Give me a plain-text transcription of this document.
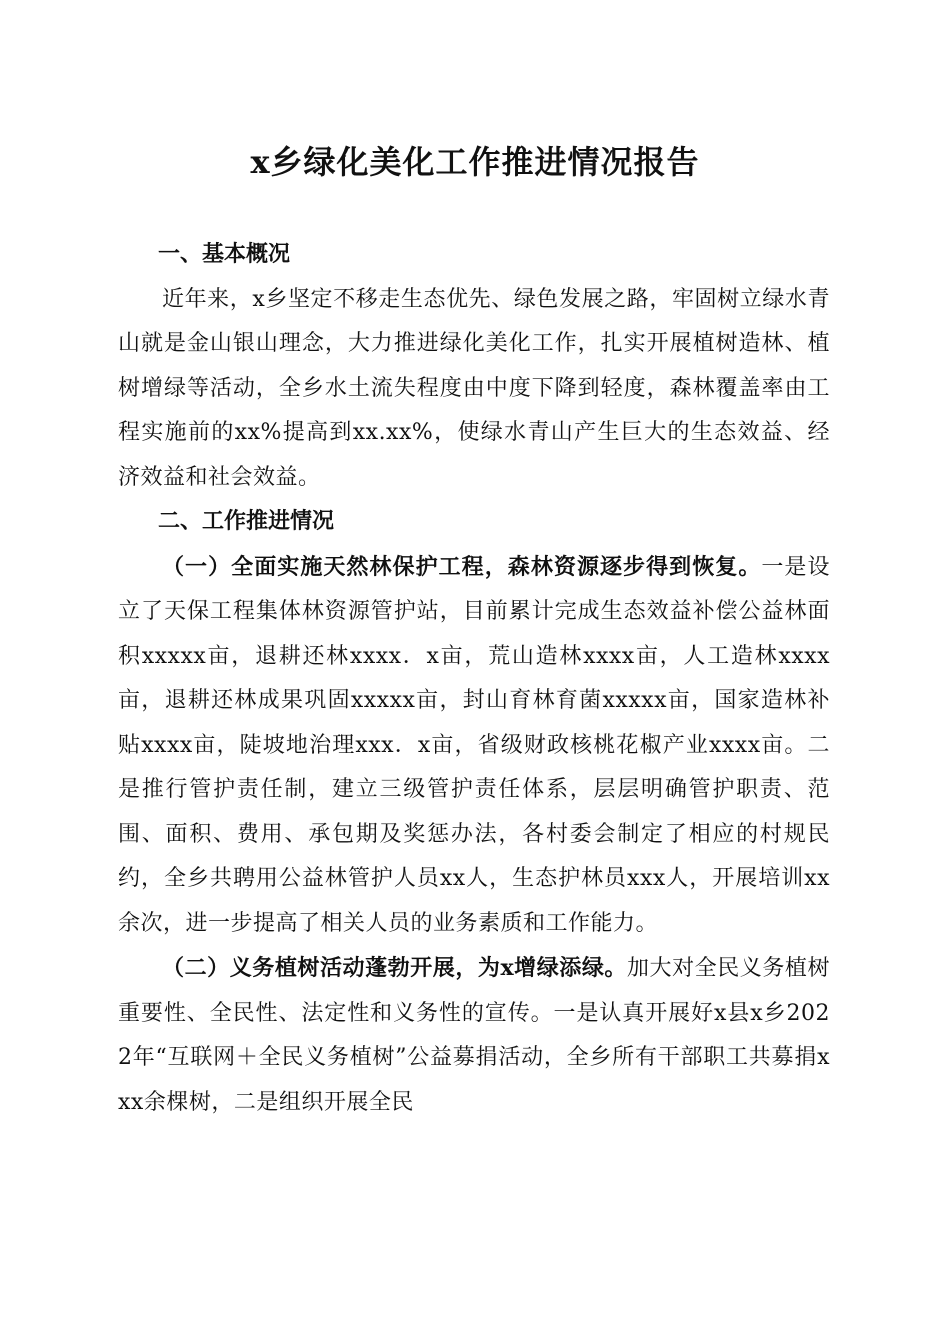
x乡绿化美化工作推进情况报告
一、基本概况

近年来，x乡坚定不移走生态优先、绿色发展之路，牢固树立绿水青山就是金山银山理念，大力推进绿化美化工作，扎实开展植树造林、植树增绿等活动，全乡水土流失程度由中度下降到轻度，森林覆盖率由工程实施前的xx%提高到xx.xx%，使绿水青山产生巨大的生态效益、经济效益和社会效益。

二、工作推进情况

（一）全面实施天然林保护工程，森林资源逐步得到恢复。一是设立了天保工程集体林资源管护站，目前累计完成生态效益补偿公益林面积xxxxx亩，退耕还林xxxx．x亩，荒山造林xxxx亩，人工造林xxxx亩，退耕还林成果巩固xxxxx亩，封山育林育菌xxxxx亩，国家造林补贴xxxx亩，陡坡地治理xxx．x亩，省级财政核桃花椒产业xxxx亩。二是推行管护责任制，建立三级管护责任体系，层层明确管护职责、范围、面积、费用、承包期及奖惩办法，各村委会制定了相应的村规民约，全乡共聘用公益林管护人员xx人，生态护林员xxx人，开展培训xx余次，进一步提高了相关人员的业务素质和工作能力。

（二）义务植树活动蓬勃开展，为x增绿添绿。加大对全民义务植树重要性、全民性、法定性和义务性的宣传。一是认真开展好x县x乡2022年“互联网＋全民义务植树”公益募捐活动，全乡所有干部职工共募捐xxx余棵树，二是组织开展全民
